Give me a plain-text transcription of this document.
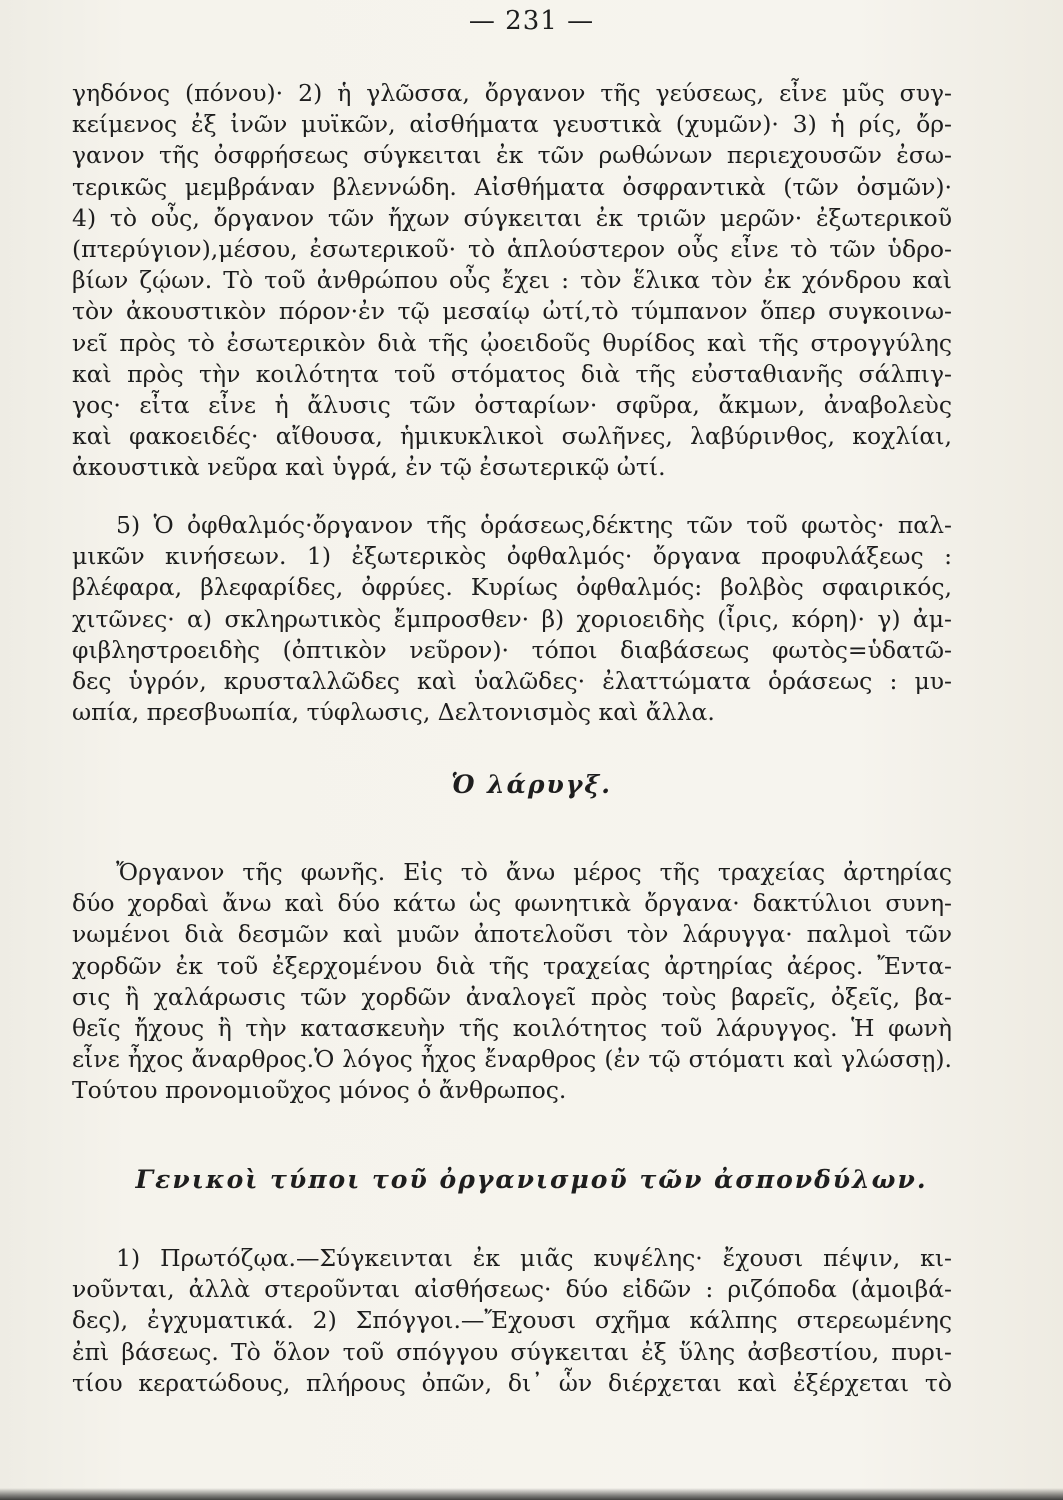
— 231 —
γηδόνος (πόνου)· 2) ἡ γλῶσσα, ὄργανον τῆς γεύσεως, εἶνε μῦς συγ-
κείμενος ἐξ ἰνῶν μυϊκῶν, αἰσθήματα γευστικὰ (χυμῶν)· 3) ἡ ρίς, ὄρ-
γανον τῆς ὀσφρήσεως σύγκειται ἐκ τῶν ρωθώνων περιεχουσῶν ἐσω-
τερικῶς μεμβράναν βλεννώδη. Αἰσθήματα ὀσφραντικὰ (τῶν ὀσμῶν)·
4) τὸ οὖς, ὄργανον τῶν ἤχων σύγκειται ἐκ τριῶν μερῶν· ἐξωτερικοῦ
(πτερύγιον),μέσου, ἐσωτερικοῦ· τὸ ἁπλούστερον οὖς εἶνε τὸ τῶν ὑδρο-
βίων ζῴων. Τὸ τοῦ ἀνθρώπου οὖς ἔχει : τὸν ἕλικα τὸν ἐκ χόνδρου καὶ
τὸν ἀκουστικὸν πόρον·ἐν τῷ μεσαίῳ ὠτί,τὸ τύμπανον ὅπερ συγκοινω-
νεῖ πρὸς τὸ ἐσωτερικὸν διὰ τῆς ᾠοειδοῦς θυρίδος καὶ τῆς στρογγύλης
καὶ πρὸς τὴν κοιλότητα τοῦ στόματος διὰ τῆς εὐσταθιανῆς σάλπιγ-
γος· εἶτα εἶνε ἡ ἄλυσις τῶν ὀσταρίων· σφῦρα, ἄκμων, ἀναβολεὺς
καὶ φακοειδές· αἴθουσα, ἡμικυκλικοὶ σωλῆνες, λαβύρινθος, κοχλίαι,
ἀκουστικὰ νεῦρα καὶ ὑγρά, ἐν τῷ ἐσωτερικῷ ὠτί.
5) Ὁ ὀφθαλμός·ὄργανον τῆς ὁράσεως,δέκτης τῶν τοῦ φωτὸς· παλ-
μικῶν κινήσεων. 1) ἐξωτερικὸς ὀφθαλμός· ὄργανα προφυλάξεως :
βλέφαρα, βλεφαρίδες, ὀφρύες. Κυρίως ὀφθαλμός: βολβὸς σφαιρικός,
χιτῶνες· α) σκληρωτικὸς ἔμπροσθεν· β) χοριοειδὴς (ἶρις, κόρη)· γ) ἀμ-
φιβληστροειδὴς (ὀπτικὸν νεῦρον)· τόποι διαβάσεως φωτὸς=ὑδατῶ-
δες ὑγρόν, κρυσταλλῶδες καὶ ὑαλῶδες· ἐλαττώματα ὁράσεως : μυ-
ωπία, πρεσβυωπία, τύφλωσις, Δελτονισμὸς καὶ ἄλλα.
Ὁ λάρυγξ.
Ὄργανον τῆς φωνῆς. Εἰς τὸ ἄνω μέρος τῆς τραχείας ἀρτηρίας
δύο χορδαὶ ἄνω καὶ δύο κάτω ὡς φωνητικὰ ὄργανα· δακτύλιοι συνη-
νωμένοι διὰ δεσμῶν καὶ μυῶν ἀποτελοῦσι τὸν λάρυγγα· παλμοὶ τῶν
χορδῶν ἐκ τοῦ ἐξερχομένου διὰ τῆς τραχείας ἀρτηρίας ἀέρος. Ἔντα-
σις ἢ χαλάρωσις τῶν χορδῶν ἀναλογεῖ πρὸς τοὺς βαρεῖς, ὀξεῖς, βα-
θεῖς ἤχους ἢ τὴν κατασκευὴν τῆς κοιλότητος τοῦ λάρυγγος. Ἡ φωνὴ
εἶνε ἦχος ἄναρθρος.Ὁ λόγος ἦχος ἔναρθρος (ἐν τῷ στόματι καὶ γλώσσῃ).
Τούτου προνομιοῦχος μόνος ὁ ἄνθρωπος.
Γενικοὶ τύποι τοῦ ὀργανισμοῦ τῶν ἀσπονδύλων.
1) Πρωτόζῳα.—Σύγκεινται ἐκ μιᾶς κυψέλης· ἔχουσι πέψιν, κι-
νοῦνται, ἀλλὰ στεροῦνται αἰσθήσεως· δύο εἰδῶν : ριζόποδα (ἀμοιβά-
δες), ἐγχυματικά. 2) Σπόγγοι.—Ἔχουσι σχῆμα κάλπης στερεωμένης
ἐπὶ βάσεως. Τὸ ὅλον τοῦ σπόγγου σύγκειται ἐξ ὕλης ἀσβεστίου, πυρι-
τίου κερατώδους, πλήρους ὀπῶν, δι᾽ ὧν διέρχεται καὶ ἐξέρχεται τὸ
